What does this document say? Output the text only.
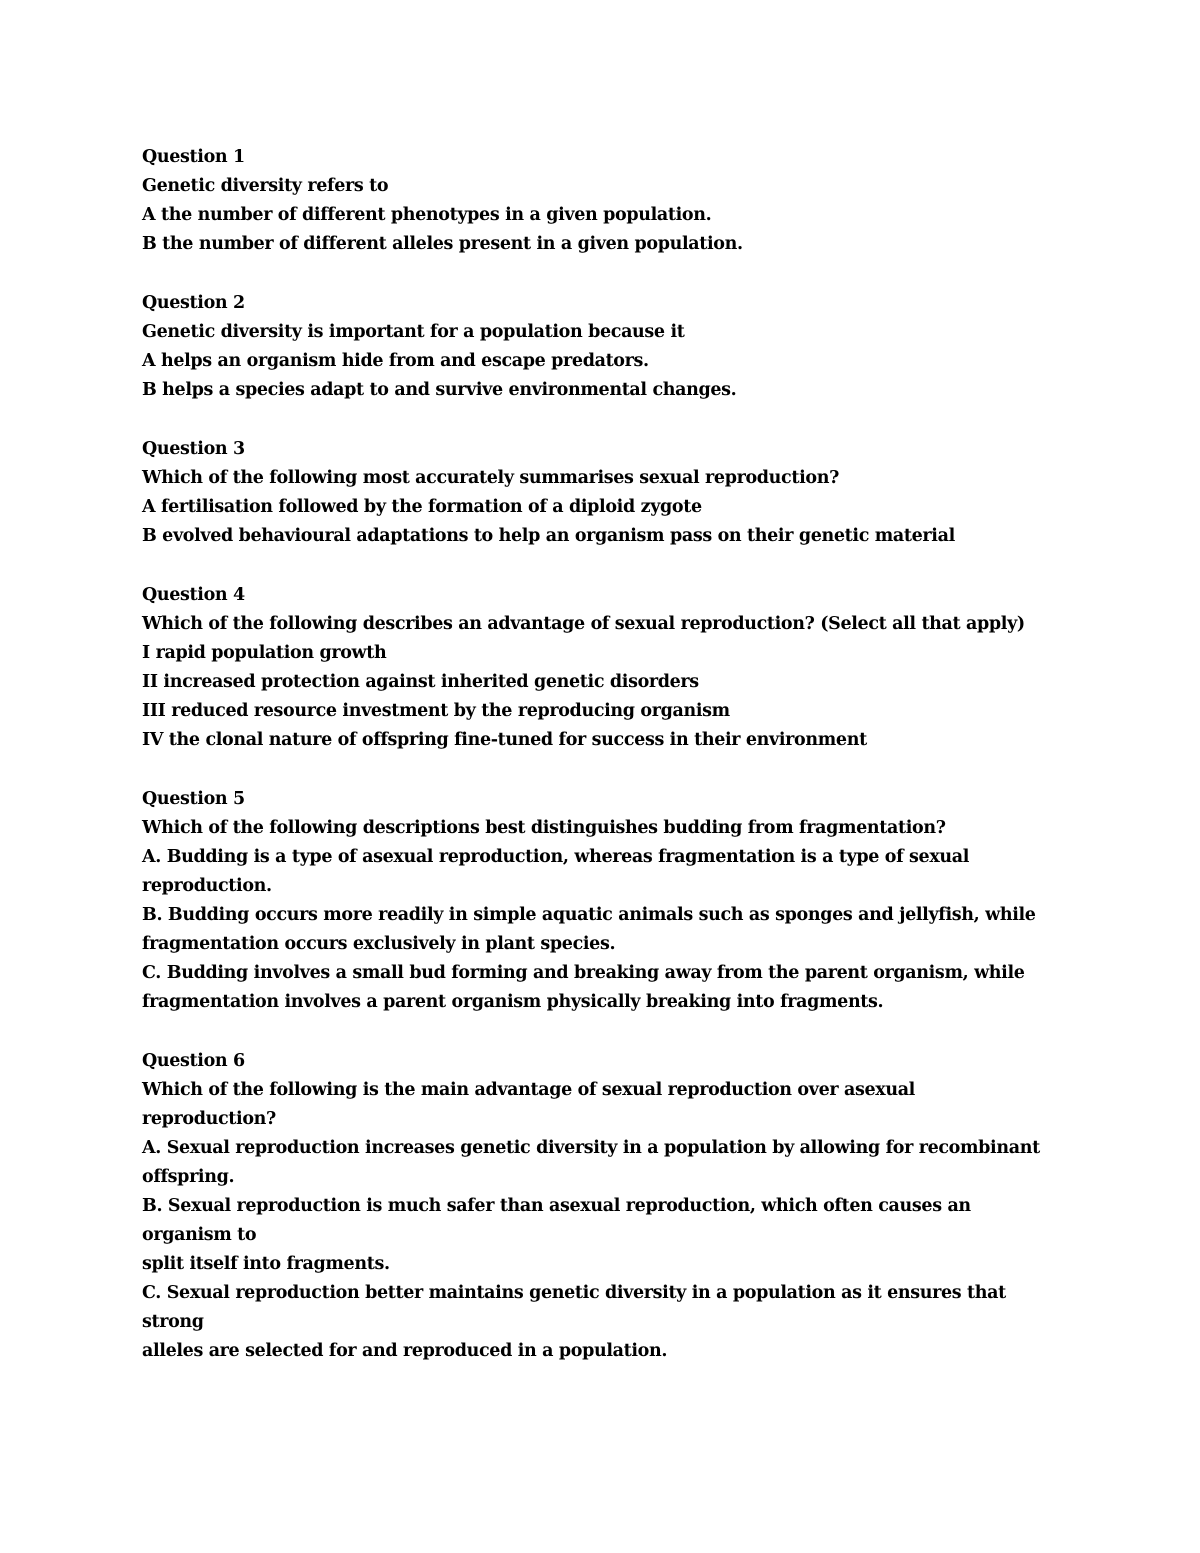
Question 1
Genetic diversity refers to
A the number of different phenotypes in a given population.
B the number of different alleles present in a given population.
Question 2
Genetic diversity is important for a population because it
A helps an organism hide from and escape predators.
B helps a species adapt to and survive environmental changes.
Question 3
Which of the following most accurately summarises sexual reproduction?
A fertilisation followed by the formation of a diploid zygote
B evolved behavioural adaptations to help an organism pass on their genetic material
Question 4
Which of the following describes an advantage of sexual reproduction? (Select all that apply)
I rapid population growth
II increased protection against inherited genetic disorders
III reduced resource investment by the reproducing organism
IV the clonal nature of offspring fine-tuned for success in their environment
Question 5
Which of the following descriptions best distinguishes budding from fragmentation?
A. Budding is a type of asexual reproduction, whereas fragmentation is a type of sexual
reproduction.
B. Budding occurs more readily in simple aquatic animals such as sponges and jellyfish, while
fragmentation occurs exclusively in plant species.
C. Budding involves a small bud forming and breaking away from the parent organism, while
fragmentation involves a parent organism physically breaking into fragments.
Question 6
Which of the following is the main advantage of sexual reproduction over asexual
reproduction?
A. Sexual reproduction increases genetic diversity in a population by allowing for recombinant
offspring.
B. Sexual reproduction is much safer than asexual reproduction, which often causes an organism to
split itself into fragments.
C. Sexual reproduction better maintains genetic diversity in a population as it ensures that strong
alleles are selected for and reproduced in a population.
